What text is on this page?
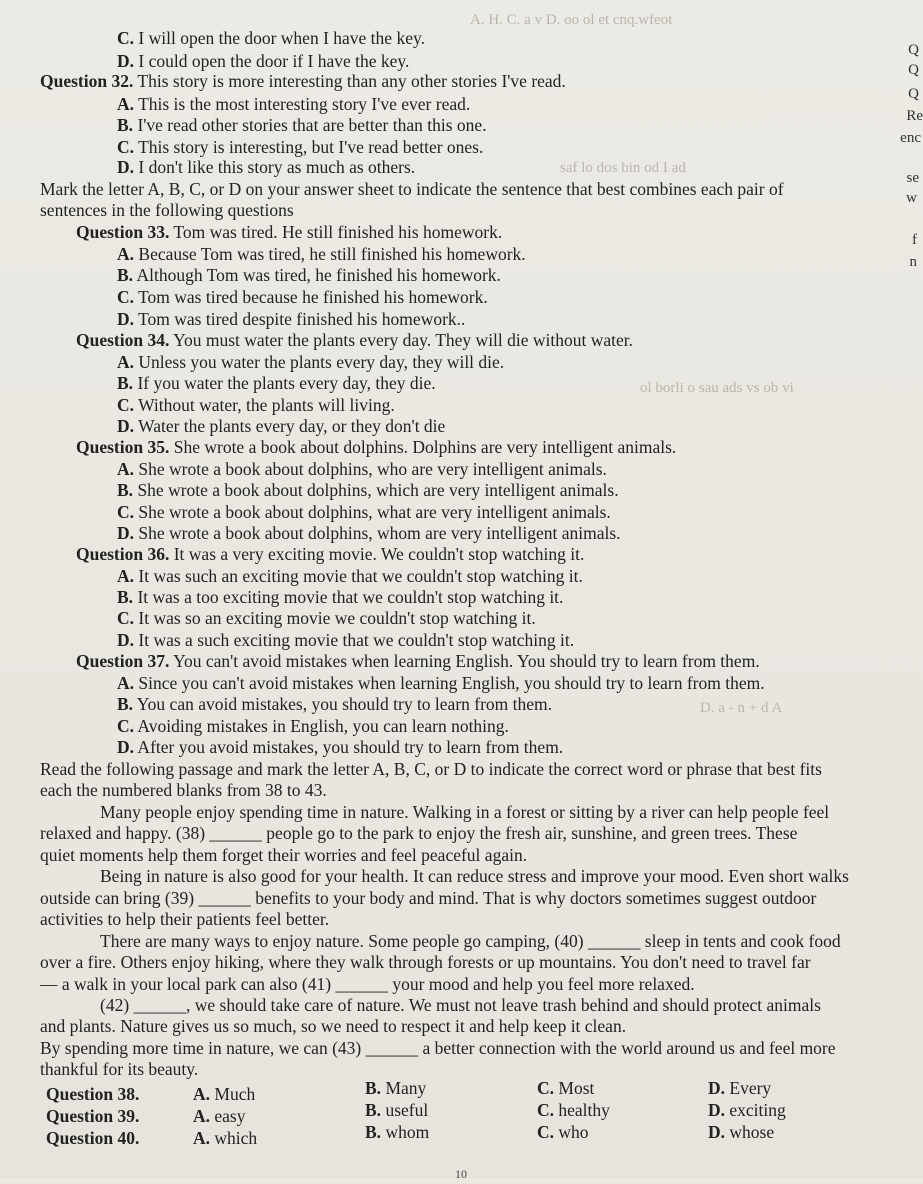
A. H. C. a v D. oo ol et cnq.wfeot
saf lo dos bin od I ad
ol borli o sau ads vs ob vi
D. a - n + d A
C. I will open the door when I have the key.
D. I could open the door if I have the key.
Question 32. This story is more interesting than any other stories I've read.
A. This is the most interesting story I've ever read.
B. I've read other stories that are better than this one.
C. This story is interesting, but I've read better ones.
D. I don't like this story as much as others.
Mark the letter A, B, C, or D on your answer sheet to indicate the sentence that best combines each pair of
sentences in the following questions
Question 33. Tom was tired. He still finished his homework.
A. Because Tom was tired, he still finished his homework.
B. Although Tom was tired, he finished his homework.
C. Tom was tired because he finished his homework.
D. Tom was tired despite finished his homework..
Question 34. You must water the plants every day. They will die without water.
A. Unless you water the plants every day, they will die.
B. If you water the plants every day, they die.
C. Without water, the plants will living.
D. Water the plants every day, or they don't die
Question 35. She wrote a book about dolphins. Dolphins are very intelligent animals.
A. She wrote a book about dolphins, who are very intelligent animals.
B. She wrote a book about dolphins, which are very intelligent animals.
C. She wrote a book about dolphins, what are very intelligent animals.
D. She wrote a book about dolphins, whom are very intelligent animals.
Question 36. It was a very exciting movie. We couldn't stop watching it.
A. It was such an exciting movie that we couldn't stop watching it.
B. It was a too exciting movie that we couldn't stop watching it.
C. It was so an exciting movie we couldn't stop watching it.
D. It was a such exciting movie that we couldn't stop watching it.
Question 37. You can't avoid mistakes when learning English. You should try to learn from them.
A. Since you can't avoid mistakes when learning English, you should try to learn from them.
B. You can avoid mistakes, you should try to learn from them.
C. Avoiding mistakes in English, you can learn nothing.
D. After you avoid mistakes, you should try to learn from them.
Read the following passage and mark the letter A, B, C, or D to indicate the correct word or phrase that best fits
each the numbered blanks from 38 to 43.
Many people enjoy spending time in nature. Walking in a forest or sitting by a river can help people feel
relaxed and happy. (38) ______ people go to the park to enjoy the fresh air, sunshine, and green trees. These
quiet moments help them forget their worries and feel peaceful again.
Being in nature is also good for your health. It can reduce stress and improve your mood. Even short walks
outside can bring (39) ______ benefits to your body and mind. That is why doctors sometimes suggest outdoor
activities to help their patients feel better.
There are many ways to enjoy nature. Some people go camping, (40) ______ sleep in tents and cook food
over a fire. Others enjoy hiking, where they walk through forests or up mountains. You don't need to travel far
— a walk in your local park can also (41) ______ your mood and help you feel more relaxed.
(42) ______, we should take care of nature. We must not leave trash behind and should protect animals
and plants. Nature gives us so much, so we need to respect it and help keep it clean.
By spending more time in nature, we can (43) ______ a better connection with the world around us and feel more
thankful for its beauty.
Question 38.	A. Much	B. Many	C. Most	D. Every
Question 39.	A. easy	B. useful	C. healthy	D. exciting
Question 40.	A. which	B. whom	C. who	D. whose
Q
Q
Q
Re
enc
se
w
f
n
10
